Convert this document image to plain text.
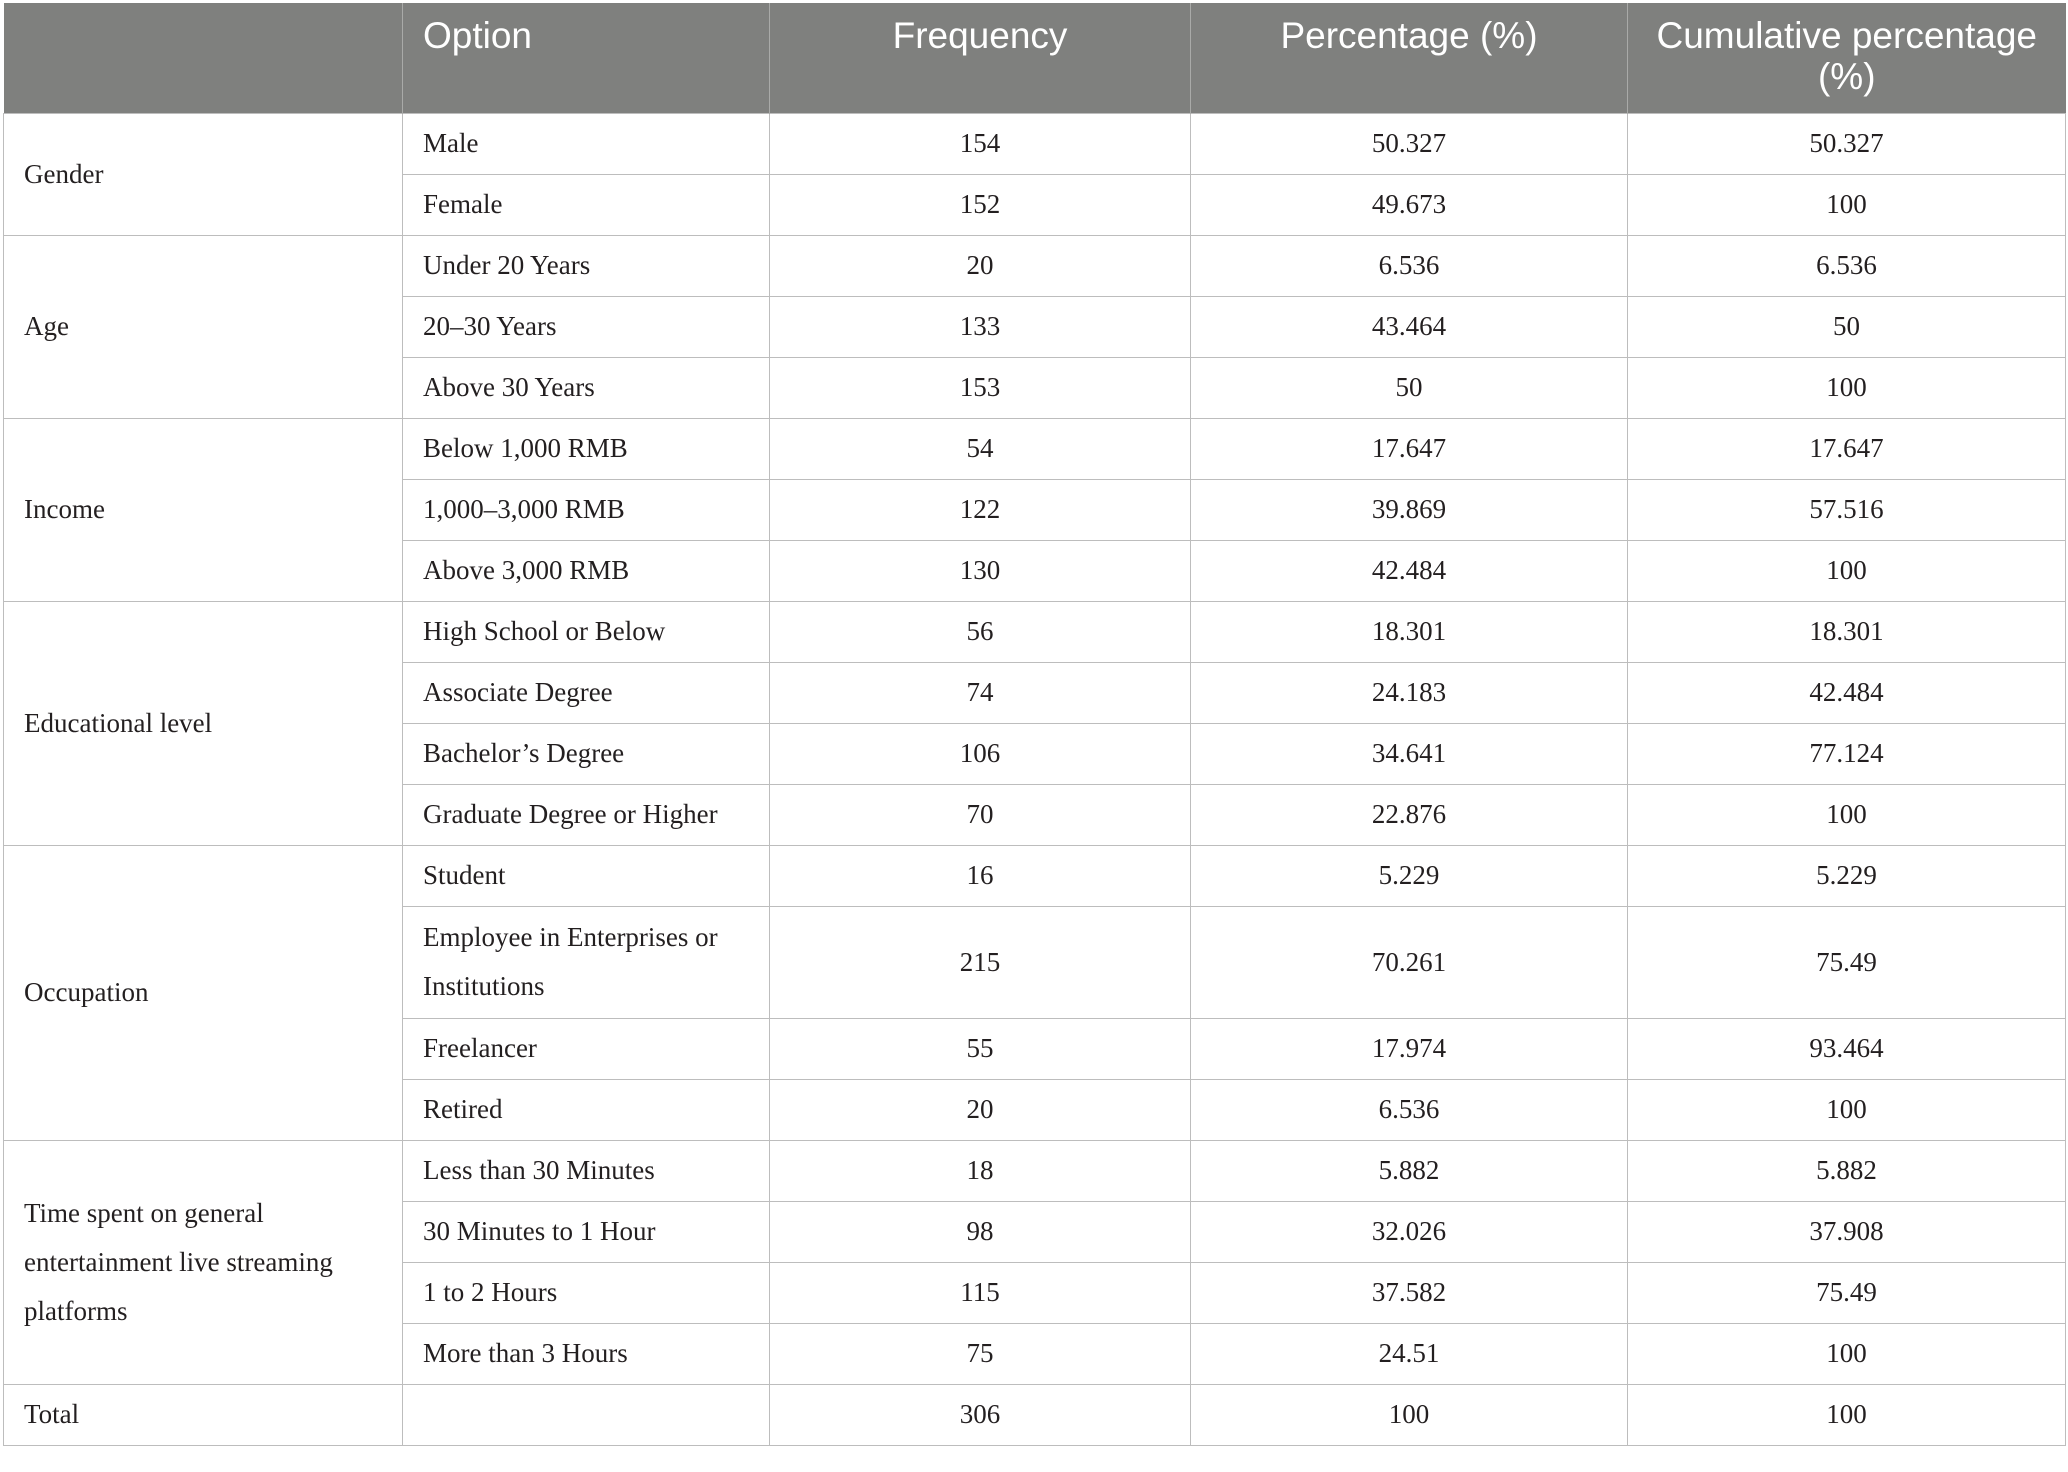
	Option	Frequency	Percentage (%)	Cumulative percentage (%)
Gender	Male	154	50.327	50.327
	Female	152	49.673	100
Age	Under 20 Years	20	6.536	6.536
	20–30 Years	133	43.464	50
	Above 30 Years	153	50	100
Income	Below 1,000 RMB	54	17.647	17.647
	1,000–3,000 RMB	122	39.869	57.516
	Above 3,000 RMB	130	42.484	100
Educational level	High School or Below	56	18.301	18.301
	Associate Degree	74	24.183	42.484
	Bachelor’s Degree	106	34.641	77.124
	Graduate Degree or Higher	70	22.876	100
Occupation	Student	16	5.229	5.229
	Employee in Enterprises or Institutions	215	70.261	75.49
	Freelancer	55	17.974	93.464
	Retired	20	6.536	100
Time spent on general entertainment live streaming platforms	Less than 30 Minutes	18	5.882	5.882
	30 Minutes to 1 Hour	98	32.026	37.908
	1 to 2 Hours	115	37.582	75.49
	More than 3 Hours	75	24.51	100
Total		306	100	100
